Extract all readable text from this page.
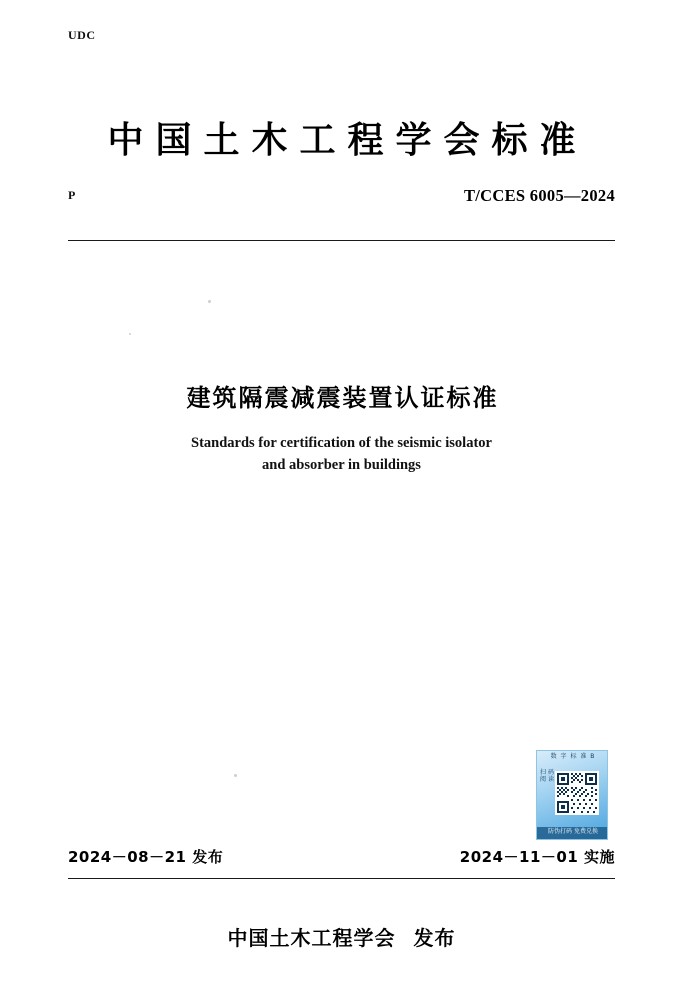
UDC
中国土木工程学会标准
P	T/CCES 6005—2024
建筑隔震减震装置认证标准
Standards for certification of the seismic isolator
and absorber in buildings
数 字 标 准 B
扫 码 阅 读
防伪打码 免费兑换
2024－08－21 发布	2024－11－01 实施
中国土木工程学会 发布
